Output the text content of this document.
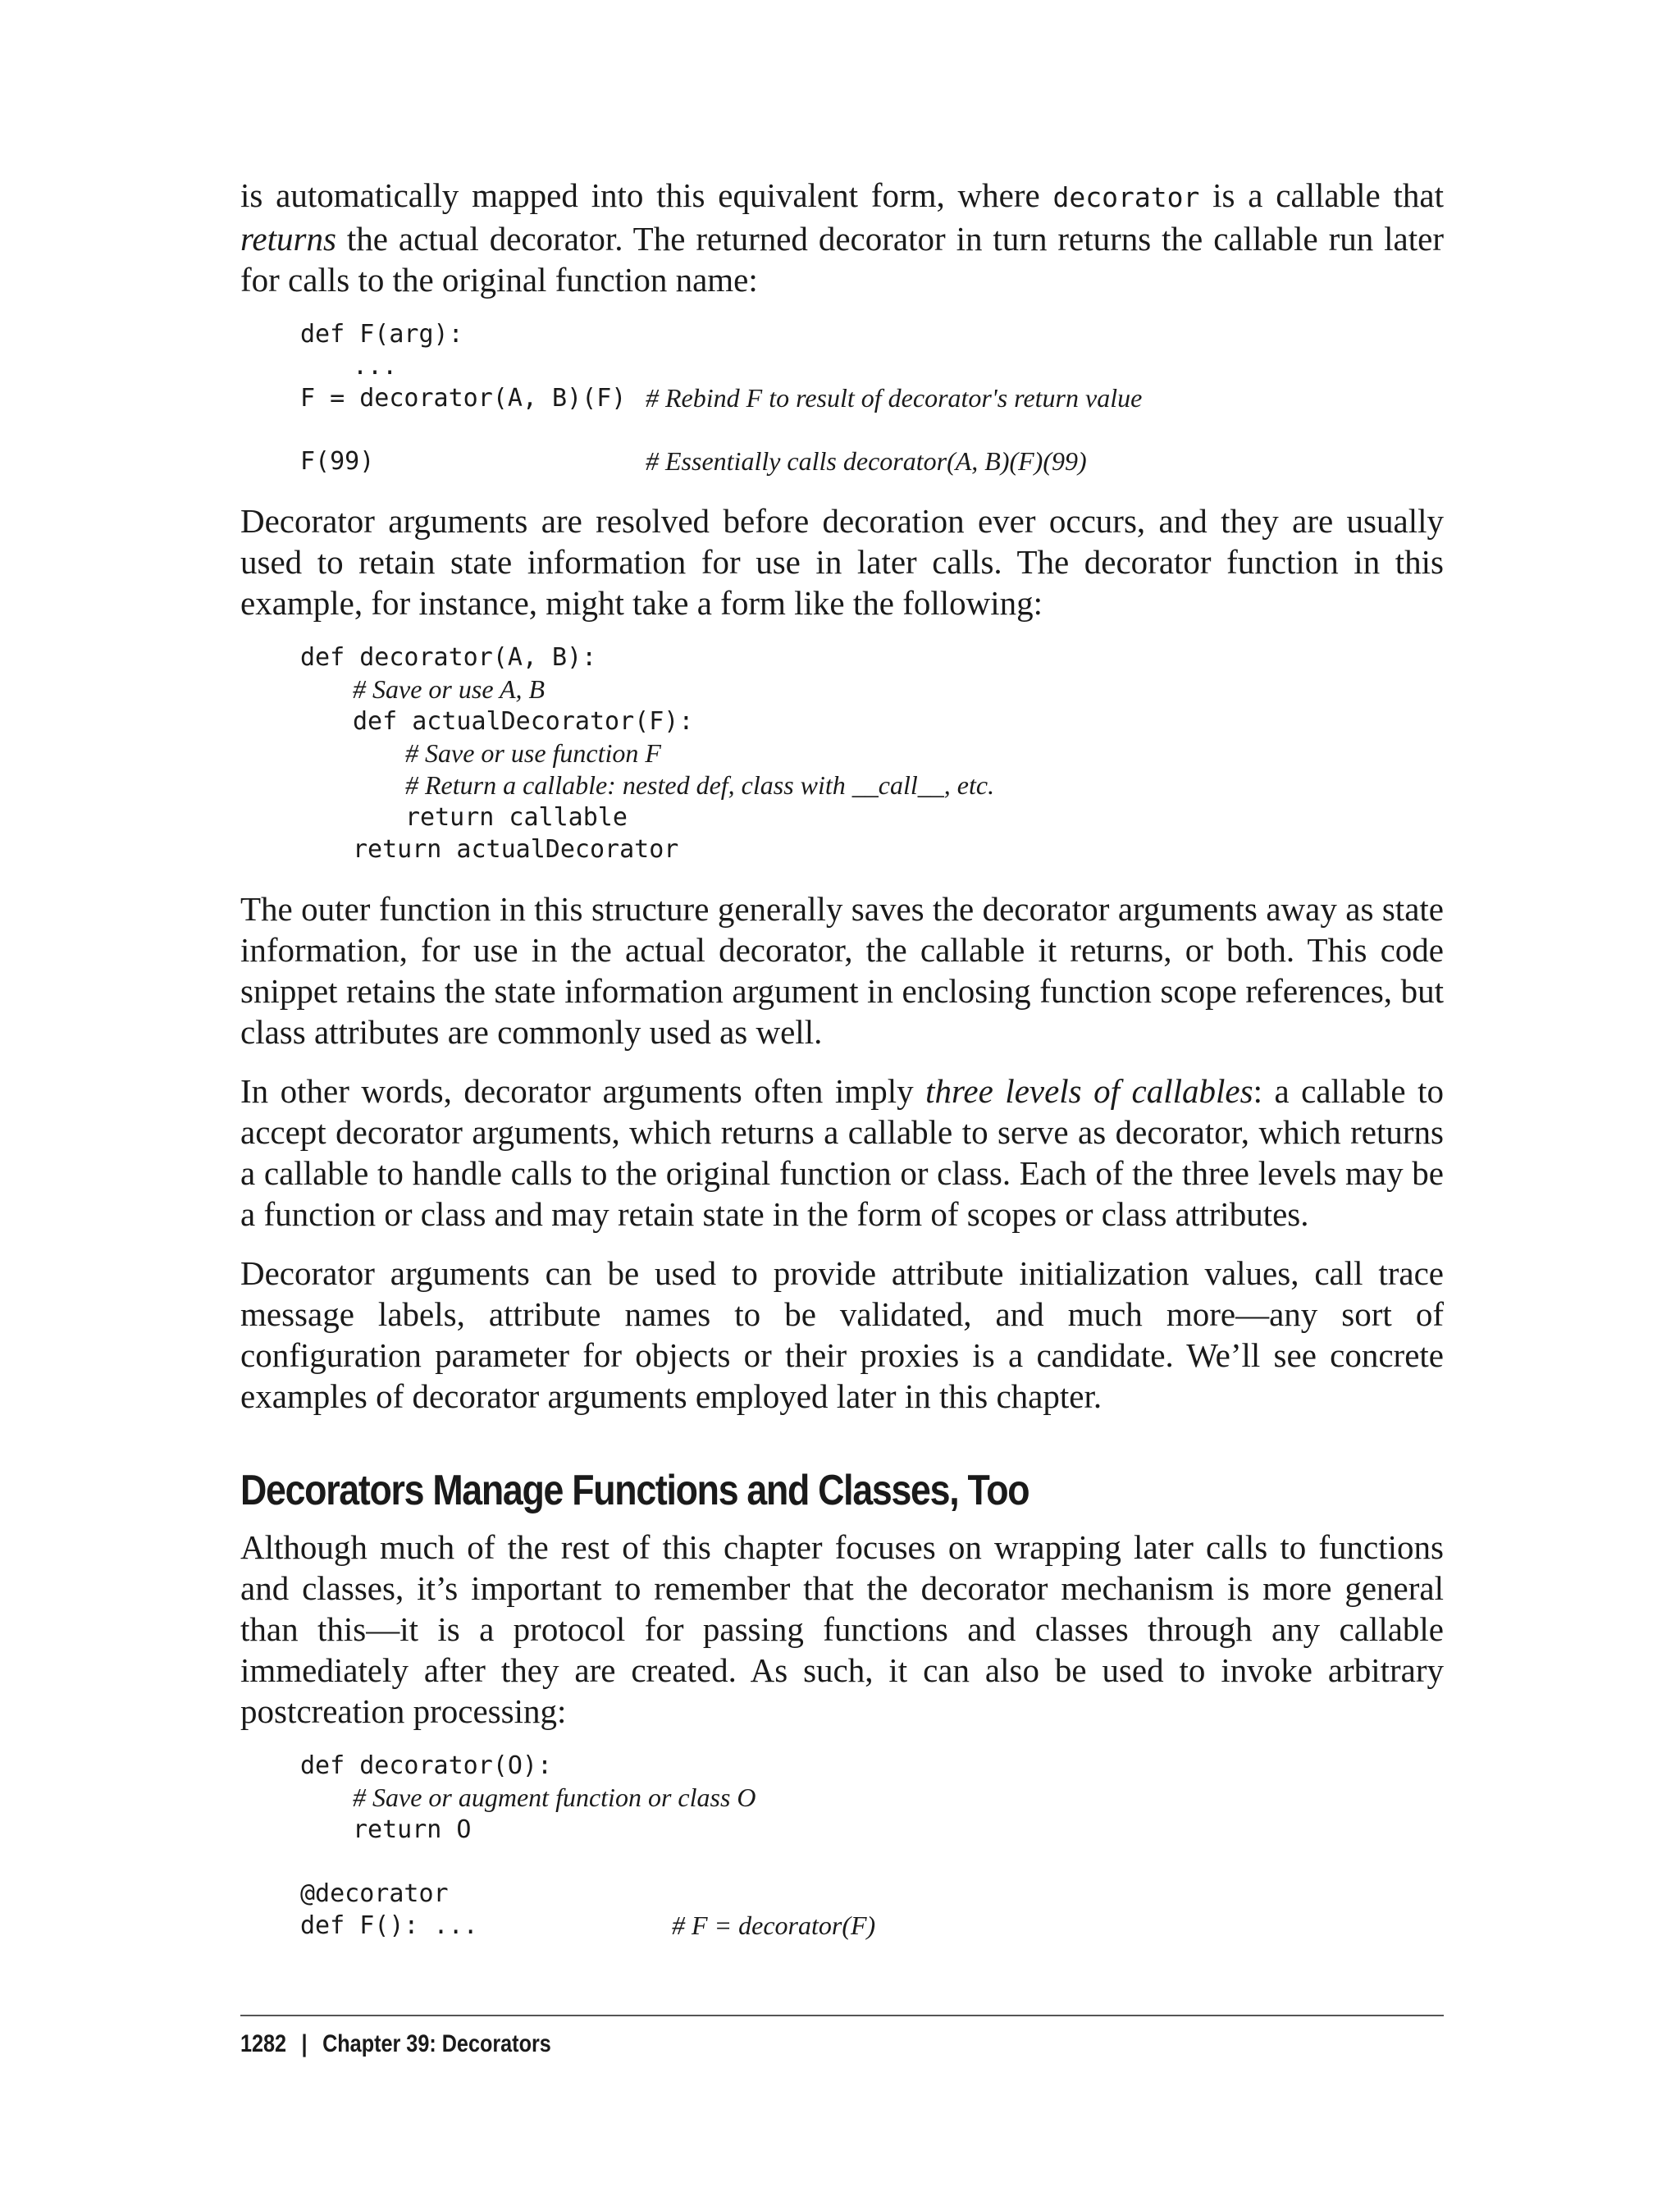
is automatically mapped into this equivalent form, where decorator is a callable that returns the actual decorator. The returned decorator in turn returns the callable run later for calls to the original function name:

def F(arg):
...
F = decorator(A, B)(F) # Rebind F to result of decorator's return value
F(99)	# Essentially calls decorator(A, B)(F)(99)

Decorator arguments are resolved before decoration ever occurs, and they are usually used to retain state information for use in later calls. The decorator function in this example, for instance, might take a form like the following:

def decorator(A, B):
# Save or use A, B
def actualDecorator(F):
# Save or use function F
# Return a callable: nested def, class with __call__, etc.
return callable
return actualDecorator

The outer function in this structure generally saves the decorator arguments away as state information, for use in the actual decorator, the callable it returns, or both. This code snippet retains the state information argument in enclosing function scope references, but class attributes are commonly used as well.

In other words, decorator arguments often imply three levels of callables: a callable to accept decorator arguments, which returns a callable to serve as decorator, which returns a callable to handle calls to the original function or class. Each of the three levels may be a function or class and may retain state in the form of scopes or class attributes.

Decorator arguments can be used to provide attribute initialization values, call trace message labels, attribute names to be validated, and much more—any sort of configuration parameter for objects or their proxies is a candidate. We’ll see concrete examples of decorator arguments employed later in this chapter.

Decorators Manage Functions and Classes, Too

Although much of the rest of this chapter focuses on wrapping later calls to functions and classes, it’s important to remember that the decorator mechanism is more general than this—it is a protocol for passing functions and classes through any callable immediately after they are created. As such, it can also be used to invoke arbitrary postcreation processing:

def decorator(O):
# Save or augment function or class O
return O
@decorator
def F(): ...	# F = decorator(F)
1282 | Chapter 39: Decorators
